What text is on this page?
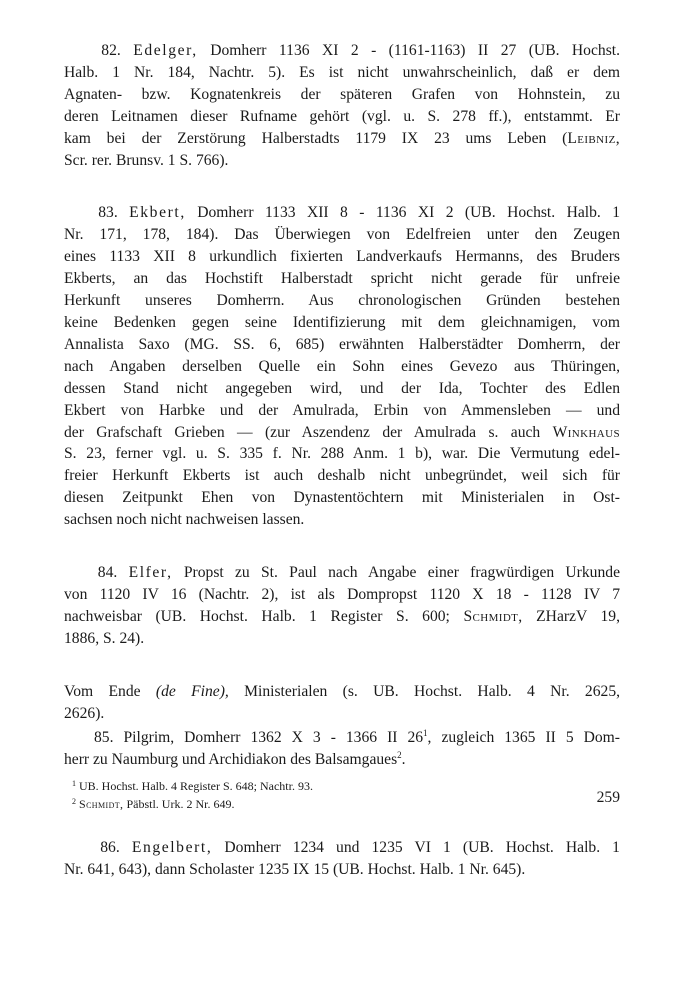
82. Edelger, Domherr 1136 XI 2 - (1161-1163) II 27 (UB. Hochst.
Halb. 1 Nr. 184, Nachtr. 5). Es ist nicht unwahrscheinlich, daß er dem
Agnaten- bzw. Kognatenkreis der späteren Grafen von Hohnstein, zu
deren Leitnamen dieser Rufname gehört (vgl. u. S. 278 ff.), entstammt. Er
kam bei der Zerstörung Halberstadts 1179 IX 23 ums Leben (Leibniz,
Scr. rer. Brunsv. 1 S. 766).
83. Ekbert, Domherr 1133 XII 8 - 1136 XI 2 (UB. Hochst. Halb. 1
Nr. 171, 178, 184). Das Überwiegen von Edelfreien unter den Zeugen
eines 1133 XII 8 urkundlich fixierten Landverkaufs Hermanns, des Bruders
Ekberts, an das Hochstift Halberstadt spricht nicht gerade für unfreie
Herkunft unseres Domherrn. Aus chronologischen Gründen bestehen
keine Bedenken gegen seine Identifizierung mit dem gleichnamigen, vom
Annalista Saxo (MG. SS. 6, 685) erwähnten Halberstädter Domherrn, der
nach Angaben derselben Quelle ein Sohn eines Gevezo aus Thüringen,
dessen Stand nicht angegeben wird, und der Ida, Tochter des Edlen
Ekbert von Harbke und der Amulrada, Erbin von Ammensleben — und
der Grafschaft Grieben — (zur Aszendenz der Amulrada s. auch Winkhaus
S. 23, ferner vgl. u. S. 335 f. Nr. 288 Anm. 1 b), war. Die Vermutung edel-
freier Herkunft Ekberts ist auch deshalb nicht unbegründet, weil sich für
diesen Zeitpunkt Ehen von Dynastentöchtern mit Ministerialen in Ost-
sachsen noch nicht nachweisen lassen.
84. Elfer, Propst zu St. Paul nach Angabe einer fragwürdigen Urkunde
von 1120 IV 16 (Nachtr. 2), ist als Dompropst 1120 X 18 - 1128 IV 7
nachweisbar (UB. Hochst. Halb. 1 Register S. 600; Schmidt, ZHarzV 19,
1886, S. 24).
Vom Ende (de Fine), Ministerialen (s. UB. Hochst. Halb. 4 Nr. 2625,
2626).
85. Pilgrim, Domherr 1362 X 3 - 1366 II $26^1$, zugleich 1365 II 5 Dom-
herr zu Naumburg und Archidiakon des Balsamgaues$^2$.
$^1$ UB. Hochst. Halb. 4 Register S. 648; Nachtr. 93.
$^2$ Schmidt, Päbstl. Urk. 2 Nr. 649.
86. Engelbert, Domherr 1234 und 1235 VI 1 (UB. Hochst. Halb. 1
Nr. 641, 643), dann Scholaster 1235 IX 15 (UB. Hochst. Halb. 1 Nr. 645).
259
